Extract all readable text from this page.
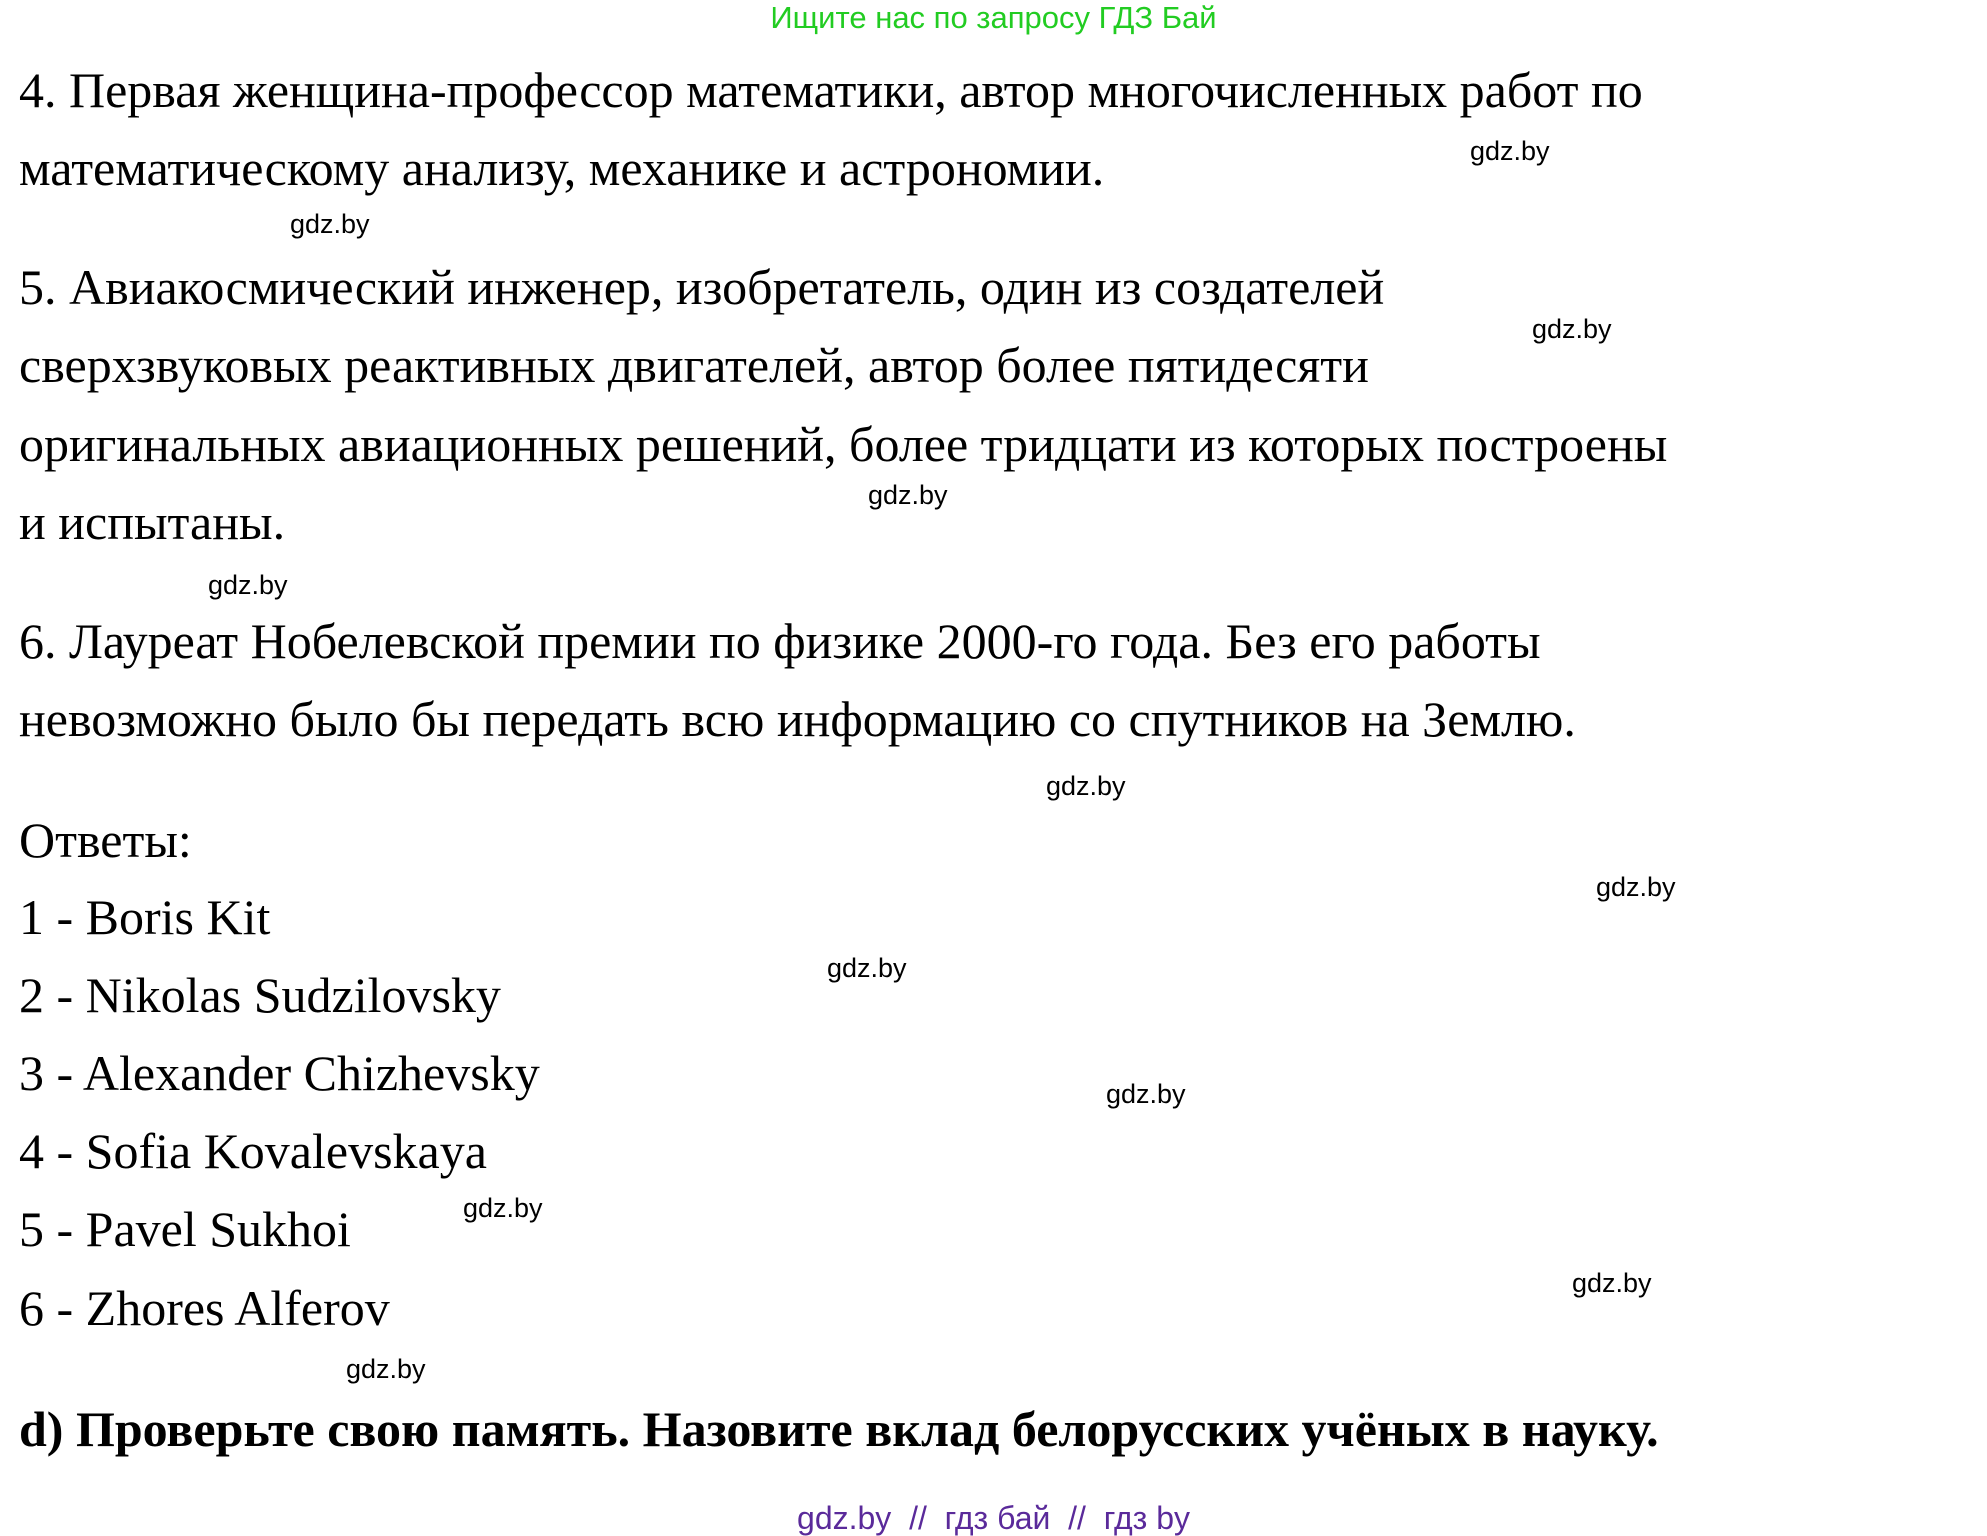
Ищите нас по запросу ГДЗ Бай
4. Первая женщина-профессор математики, автор многочисленных работ по
математическому анализу, механике и астрономии.
5. Авиакосмический инженер, изобретатель, один из создателей
сверхзвуковых реактивных двигателей, автор более пятидесяти
оригинальных авиационных решений, более тридцати из которых построены
и испытаны.
6. Лауреат Нобелевской премии по физике 2000-го года. Без его работы
невозможно было бы передать всю информацию со спутников на Землю.
Ответы:
1 - Boris Kit
2 - Nikolas Sudzilovsky
3 - Alexander Chizhevsky
4 - Sofia Kovalevskaya
5 - Pavel Sukhoi
6 - Zhores Alferov
d) Проверьте свою память. Назовите вклад белорусских учёных в науку.
gdz.by
gdz.by
gdz.by
gdz.by
gdz.by
gdz.by
gdz.by
gdz.by
gdz.by
gdz.by
gdz.by
gdz.by
gdz.by  //  гдз бай  //  гдз by
